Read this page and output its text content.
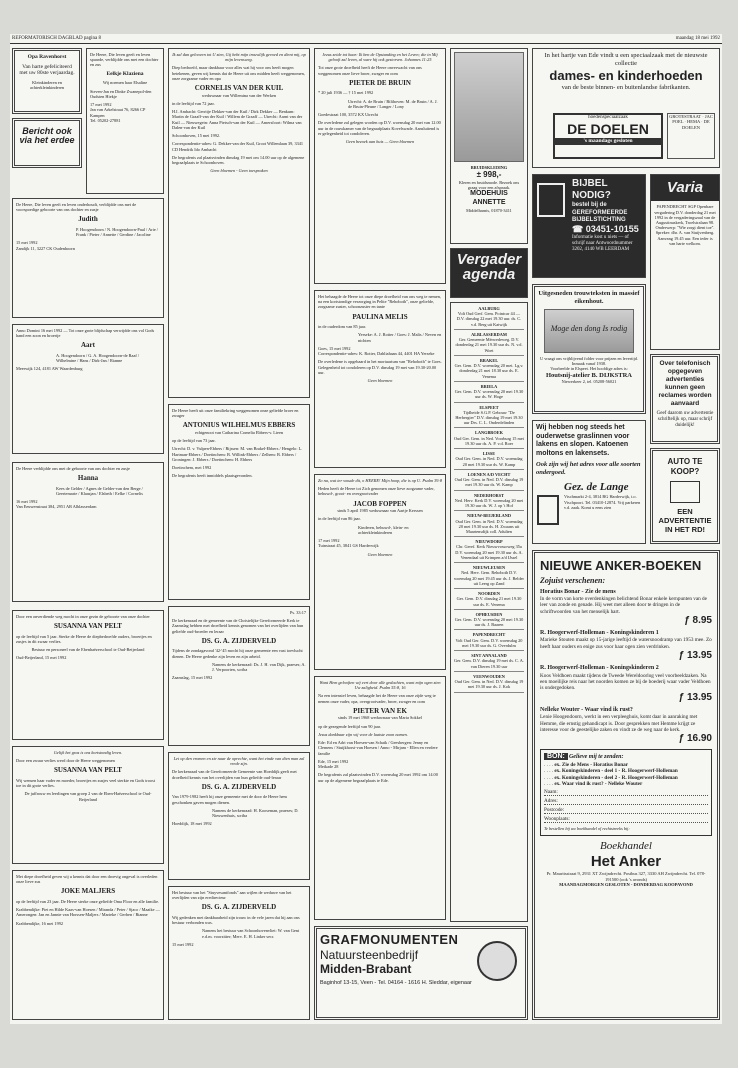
REFORMATORISCH DAGBLAD pagina 8	maandag 18 mei 1992
Opa Ravenhorst
Van harte gefeliciteerd met uw 80ste verjaardag.
Kleinkinderen en achterkleinkinderen
Bericht ook via het erdee
De Heere, Die leven geeft en leven onderhoudt, verblijdde ons met de voorspoedige geboorte van ons dochter en zusje
Judith
P. Hoogendoorn / N. Hoogendoorn-Paul / Arie / Frank / Pieter / Annette / Gerdine / Jacoline
15 mei 1992
Zandijk 11, 3227 CK Oudenhoorn
Anno Domini 16 mei 1992 — Tot onze grote blijdschap verwijdde ons vol Gods hand een zoon en broertje
Aart
A. Hoogendoorn / G. A. Hoogendoorn-de Raaf / Wilhelmine / Hans / Dirk-Jan / Rianne
Meerwijk 124, 4181 AW Waardenburg
De Heere verblijdde ons met de geboorte van ons dochter en zusje
Hanna
Kees de Gelder / Agnes de Gelder-van den Berge / Geertemarie / Klaasjan / Elsbeth / Eelke / Cornelis
16 mei 1992
Van Eeuwenstraat 384, 2951 AR Alblasserdam
Door een onverdiende weg mocht in onze gezin de geboorte van onze dochter
SUSANNA VAN PELT
op de leeftijd van 5 jaar. Sterke de Heere de diepbedroefde ouders, broertjes en zusjes in dit zwaar verlies.
Bestuur en personeel van de Ebenhaëzerschool te Oud-Beijerland
Oud-Beijerland, 15 mei 1992
Gelijk het gras is ons kortstondig leven.
Door een zwaar verlies werd door de Heere weggenomen
SUSANNA VAN PELT
Wij wensen haar vader en moeder, broertjes en zusjes veel sterkte en Gods troost toe in dit grote verlies.
De juffrouw en leerlingen van groep 2 van de Eben-Haëzerschool te Oud-Beijerland
Met diepe droefheid geven wij u kennis dat door een droevig ongeval is overleden onze lieve zus
JOKE MALJERS
op de leeftijd van 23 jaar. De Heere sterke onze geliefde Oma Floor en alle familie.
Krabbendijke: Piet en Hilde Kaas-van Hoesen / Miranda / Peter / Sjaco / Maaike — Amerongen: Jan en Jannie van Horssen-Maljers / Marieke / Gerben / Rianne
Krabbendijke, 16 mei 1992
De Heere, Die leven geeft en leven spaarde, verblijdde ons met een dochter en zus
Eelkje Klaziena
Wij noemen haar Elsaline
Steven-Jan en Dinke Zwanepol-den Oudsten Hiekje
17 mei 1992
Jan van Arkelstraat 76, 8266 CP Kampen
Tel. 05202-27881
Ik zal dan gelooven tot U zien, Gij hebt mijn trouwlijk gevoed en dient mij, op mijn levensweg.
Diep bedroefd, maar dankbaar voor alles wat hij voor ons heeft mogen betekenen, geven wij kennis dat de Heere uit ons midden heeft weggenomen, onze zorgzame vader en opa
CORNELIS VAN DER KUIL
weduwnaar van Willemina van der Werken
in de leeftijd van 72 jaar.
H.I. Ambacht: Gerritje Dekker-van der Kuil / Dirk Dekker — Benkum: Martin de Graaff-van der Kuil / Willem de Graaff — Utrecht: Aarnt van der Kuil — Nieuwegein: Anna Pietsch-van der Kuil — Amersfoort: Wilma van Dalen-van der Kuil
Schoonhoven, 15 mei 1992.
Correspondentie-adres: G. Dekker-van der Kuil, Groot Willemlaan 39, 3341 CD Hendrik Ido Ambacht
De begrafenis zal plaatsvinden dinsdag 19 mei om 14.00 uur op de algemene begraafplaats te Schoonhoven.
Geen bloemen - Geen toespraken
De Heere heeft uit onze familiekring weggenomen onze geliefde broer en zwager
ANTONIUS WILHELMUS EBBERS
echtgenoot van Catharina Cornelia Ebbers-v. Lieen
op de leeftijd van 73 jaar.
Utrecht: D. v. Vulpen-Ebbers / Rijssen: M. van Brakel-Ebbers / Hengelo: L. Hartman-Ebbers / Doetinchem: B. Willink-Ebbers / Zelhem: B. Ebbers / Groningen: J. Ebbers / Doetinchem: H. Ebbers
Doetinchem, mei 1992
De begrafenis heeft inmiddels plaatsgevonden.
Ps. 33:17
De kerkenraad en de gemeente van de Christelijke Gereformeerde Kerk te Zaamslag hebben met droefheid kennis genomen van het overlijden van hun geliefde oud-broeder en leraar
DS. G. A. ZIJDERVELD
Tijdens de zondagavond '42-'45 mocht hij onze gemeente een vast toevlucht dienen. De Heere gedenke zijn leven en zijn arbeid.
Namens de kerkenraad: Ds. J. H. van Dijk, praeses; A. J. Verpoorten, scriba
Zaamslag, 15 mei 1992
Let op den vromen en zie naar de oprechte, want het einde van dien man zal vrede zijn.
De kerkenraad van de Gereformeerde Gemeente van Hoeddijk geeft met droefheid kennis van het overlijden van hun geliefde oud-leraar
DS. G. A. ZIJDERVELD
Van 1979-1982 heeft hij onze gemeente met de door de Heere hem geschonken gaven mogen dienen.
Namens de kerkenraad: H. Kooseman, praeses; D. Nieuwenhuis, scriba
Hoeddijk, 18 mei 1992
Het bestuur van het "Stuyvesantfonds" aan wijlen de weduwe van het overlijden van zijn eredirecteur
DS. G. A. ZIJDERVELD
Wij gedenken met dankbaarheid zijn trouw in de vele jaren dat hij aan ons bestuur verbonden was.
Namens het bestuur van Schoonhovenvliet: W. van Gent e.d.m. voorzitter; Merv. E. H. Linker secr.
15 mei 1992
Jezus zeide tot haar: Ik ben de Opstanding en het Leven; die in Mij gelooft zal leven, al ware hij ook gestorven. Johannes 11:25
Tot onze grote droefheid heeft de Heere onverwacht van ons weggenomen onze lieve broer, zwager en oom
PIETER DE BRUIN
* 20 juli 1936 — † 15 mei 1992
Utrecht: A. de Bruin / Bilthoven: M. de Bruin / A. J. de Bruin-Pleune / Langer / Lony
Goedestraat 100, 3572 KX Utrecht
De overledene zal gelegen worden op D.V. woensdag 20 mei van 12.00 uur in de rouwkamer van de begraafplaats Kovelswade. Aansluitend is er gelegenheid tot condoleren.
Geen bezoek aan huis — Geen bloemen
Het behaagde de Heere tot onze diepe droefheid van ons weg te nemen, na een kortstondige verzorging in Pelite "Rehoboth", onze geliefde, zorgzame zuster, schoonzuster en tante
PAULINA MELIS
in de ouderdom van 85 jaar.
Yerseke: A. J. Rotter / Goes: J. Malis / Neven en nichten
Goes, 15 mei 1992
Correspondentie-adres: K. Rotter, Dahliahaan 44, 4401 HA Yerseke
De overledene is opgebaard in het mortuarium van "Rehoboth" te Goes. Gelegenheid tot condoleren op D.V. dinsdag 19 mei van 19.30-20.00 uur.
Geen bloemen
Zo na, wat ter woude dit, o HEERE! Mijn hoop, die is op U. Psalm 39:8
Heden heeft de Heere tot Zich genomen onze lieve zorgzame vader, behuwd-, groot- en overgrootvader
JACOB FOPPEN
sinds 5 april 1985 weduwnaar van Aartje Kerssen
in de leeftijd van 86 jaar.
Kinderen, behuwd-, klein- en achterkleinkinderen
17 mei 1992
Tuinstraat 45, 3841 GS Harderwijk
Geen bloemen
Want Hem gelooften wij eert door alle gedachten, want mijn ogen zien Uw zaligheid. Psalm 55:8, 16
Na een intensief leven, behaagde het de Heere van onze zijde weg te nemen onze vader, opa, overgrootvader, broer, zwager en oom
PIETER VAN EK
sinds 19 mei 1968 weduwnaar van Maria Sokkel
op de gezegende leeftijd van 90 jaar.
Jezus dankbaar zijn wij voor de laatste zoon namen.
Ede: Ed en Adri van Hoesen-van Schaik / Geesbergen: Jenny en Clemens / Stuijkhorst-van Hoesen / Anno - Mirjam - Ellen en verdere familie
Ede, 15 mei 1992
Meikade 28
De begrafenis zal plaatsvinden D.V. woensdag 20 mei 1992 om 14.00 uur op de algemene begraafplaats te Ede.
GRAFMONUMENTEN
Natuursteenbedrijf
Midden-Brabant
Baginhof 13-15, Veen - Tel. 04164 - 1616 H. Sleddar, eigenaar
BRUIDSKLEDING
± 998,-
Kleren en bruidsmode. Bezoek ons graag voor een afspraak.
MODEHUIS ANNETTE
Middelharnis, 01870-3411
Vergader agenda
AALBURG
Volt Oud Gerf. Gem. Pointcar 44 — D.V. dinsdag 22 mei 19.30 uur. ds. C. v.d. Berg uit Katwijk
ALBLASSERDAM
Ger. Gemeente Mérwedeweg. D.V. donderdag 21 mei 19.30 uur ds. N. v.d. Woet
BRAKEL
Ger. Gem. D.V. woensdag 20 mei. Lg.v. donderdag 21 mei 18.30 uur ds. E. Venema
BRIELA
Ger. Gem. D.V. woensdag 20 mei 19.30 uur ds. W. Hoge
ELSPEET
Tijdheide S.G.P. Gebouw "De Herbergier" D.V. dinsdag 19 mei 19.30 uur Drs. C. L. Onderdelinden
LANGBROEK
Oud Ger. Gem. in Ned. Voorburg 15 mei 19.30 uur ds. A. P. v.d. Roer
LISSE
Oud Ger. Gem. in Ned. D.V. woensdag 20 mei 19.30 uur ds. W. Kamp
LOENEN A/D VECHT
Oud Ger. Gem. in Ned. D.V. dinsdag 19 mei 19.30 uur ds. W. Kamp
NEDERHORST
Ned. Herv. Kerk D.V. woensdag 20 mei 19.30 uur ds. W. J. op 't Hof
NIEUW-BEIJERLAND
Oud Ger. Gem. in Ned. D.V. woensdag 20 mei 19.30 uur ds. H. Zwaans uit Maartensdijk coll. Adulten
NIEUWDORP
Chr. Geref. Kerk Nieuwvossoweg 35a D.V. woensdag 20 mei 19.30 uur ds. A. Venendaal uit Krimpen a/d IJssel
NIEUWLEUSEN
Ned. Herv. Gem. Rehoboth D.V. woensdag 20 mei 19.45 uur ds. J. Belder uit Leerg op Zand
NOORDEN
Ger. Gem. D.V. dinsdag 21 mei 19.30 uur ds. E. Venema
OPHEUSDEN
Ger. Gem. D.V. woensdag 20 mei 19.30 uur ds. J. Baaren
PAPENDRECHT
Volt Oud Ger. Gem. D.V. woensdag 20 mei 19.30 uur ds. G. Overdulm
SINT ANNALAND
Ger. Gem. D.V. dinsdag 19 mei ds. C. A. van Dieren 19.30 uur
VEENWOUDEN
Oud Ger. Gem. in Ned. D.V. dinsdag 19 mei 19.30 uur ds. J. Kok
In het hartje van Ede vindt u een speciaalzaak met de nieuwste collectie
dames- en kinderhoeden
van de beste binnen- en buitenlandse fabrikanten.
hoedenspeciaalzaak
DE DOELEN
's maandags gesloten
GROTESTRAAT · JAC POEL · HEMA · DE DOELEN
BIJBEL NODIG?
bestel bij de GEREFORMEERDE BIJBELSTICHTING
☎ 03451-10155
Informatie kost u niets — of schrijf naar Antwoordnummer 3202, 4140 WB LEERDAM
Varia
PAPENDRECHT SGP Openbare vergadering D.V. donderdag 21 mei 1992 in de vergaderingszaal van de Augustinuskerk, Troelstralaan 98. Onderwerp: "Wie zorgt dient toe". Spreker: dhr. A. van Stuijvenberg. Aanvang 19.45 uur. Een ieder is van harte welkom.
Uitgesneden trouwteksten in massief eikenhout.
Moge den dong Is rodig
U vraagt ons vrijblijvend folder voor prijzen en levertijd. Inmaak vanaf 1938.
Voorbeelde in Elspeet. Het hoofdige adres is:
Houtsnij-atelier B. DIJKSTRA
Niewerkeer 2, tel. 05208-56021
Over telefonisch opgegeven advertenties kunnen geen reclames worden aanvaard
Geef daarom uw advertentie schriftelijk op, maar schrijf duidelijk!
Wij hebben nog steeds het ouderwetse graslinnen voor lakens en slopen. Katoenen moltons en lakensets.
Ook zijn wij het adres voor alle soorten ondergoed.
Gez. de Lange
Vischmarkt 2-4, 3814 BG Harderwijk, t.o. Vischpoort. Tel. 03410-12874. Vrij parkeren v.d. zaak. Komt u eens zien
AUTO TE KOOP?
EEN ADVERTENTIE IN HET RD!
NIEUWE ANKER-BOEKEN
Zojuist verschenen:
Horatius Bonar - Zie de mens
In de vorm van korte overdenkingen belichtend Bonar enkele kernpunten van de leer van zonde en genade. Hij weet met alleen door te dringen in de schriftwoorden van het menselijk hart.
ƒ 8.95
R. Hoogerwerf-Holleman - Koningskinderen 1
Marieke Stouten maakt op 15-jarige leeftijd de watersnoodramp van 1953 mee. Zo heeft haar ouders en enige zus voor haar ogen zien verdrinken.
ƒ 13.95
R. Hoogerwerf-Holleman - Koningskinderen 2
Koos Veldhoen maakt tijdens de Tweede Wereldoorlog veel voorbeeldzaken. Na een moeilijke reis naar het noorden komen ze bij de boederij waar vader Veldhoen is ondergedoken.
ƒ 13.95
Nelleke Wouter - Waar vind ik rust?
Lenie Hoogendoorn, werkt in een verpleeghuis, komt daar in aanraking met Hemme, die ernstig gehandicapt is. Door gesprekken met Hemme krijgt ze interesse voor de geestelijke zaken en vindt ze de weg naar de kerk.
ƒ 16.90
BON: Gelieve mij te zenden:
. . . . ex. Zie de Mens - Horatius Bonar
. . . . ex. Koningskinderen - deel 1 - R. Hoogerwerf-Holleman
. . . . ex. Koningskinderen - deel 2 - R. Hoogerwerf-Holleman
. . . . ex. Waar vind ik rust? - Nelleke Wouter
Naam:
Adres:
Postcode:
Woonplaats:
Te bestellen bij uw boekhandel of rechtstreeks bij:
Boekhandel
Het Anker
Pr. Mauritsstraat 9, 2931 XT Zwijndrecht. Postbus 327, 3330 AH Zwijndrecht. Tel. 078-191500 (ook 's avonds)
MAANDAGMORGEN GESLOTEN - DONDERDAG KOOPAVOND
